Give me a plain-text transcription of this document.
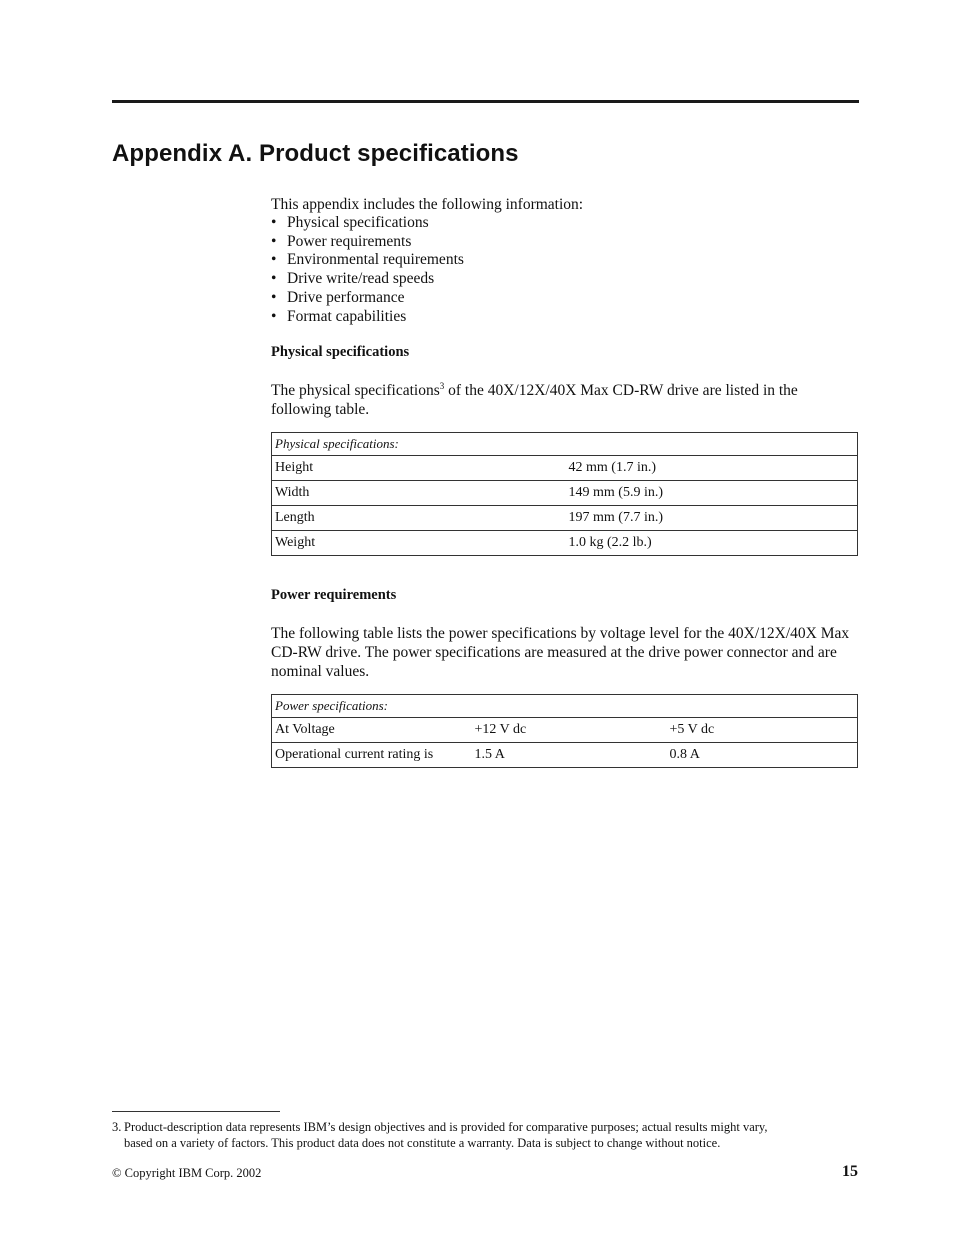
Appendix A. Product specifications
This appendix includes the following information:
• Physical specifications
• Power requirements
• Environmental requirements
• Drive write/read speeds
• Drive performance
• Format capabilities
Physical specifications
The physical specifications$^3$ of the 40X/12X/40X Max CD-RW drive are listed in the following table.
Physical specifications:	
Height	42 mm (1.7 in.)
Width	149 mm (5.9 in.)
Length	197 mm (7.7 in.)
Weight	1.0 kg (2.2 lb.)
Power requirements
The following table lists the power specifications by voltage level for the 40X/12X/40X Max CD-RW drive. The power specifications are measured at the drive power connector and are nominal values.
Power specifications:		
At Voltage	+12 V dc	+5 V dc
Operational current rating is	1.5 A	0.8 A
3. Product-description data represents IBM’s design objectives and is provided for comparative purposes; actual results might vary,
based on a variety of factors. This product data does not constitute a warranty. Data is subject to change without notice.
© Copyright IBM Corp. 2002	15
